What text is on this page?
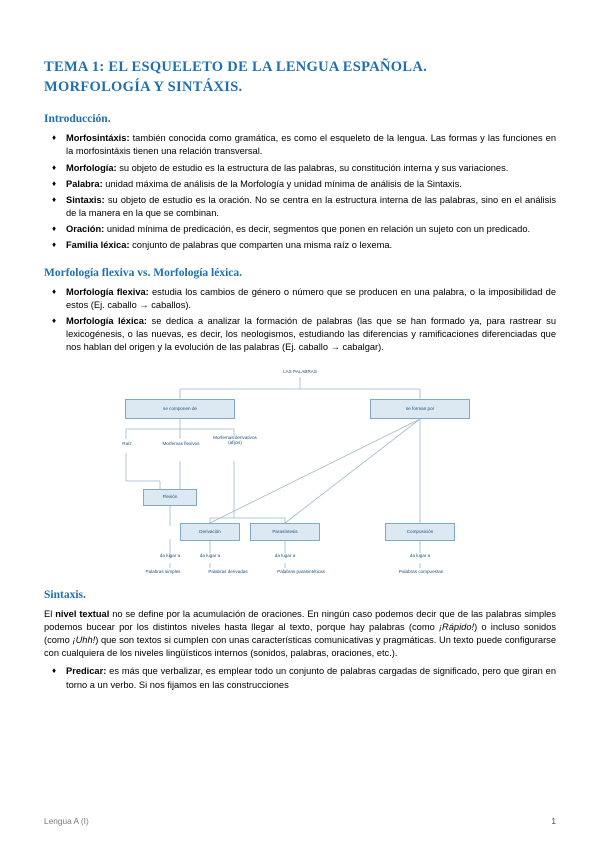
TEMA 1: EL ESQUELETO DE LA LENGUA ESPAÑOLA.
MORFOLOGÍA Y SINTÁXIS.
Introducción.
♦ Morfosintáxis: también conocida como gramática, es como el esqueleto de la lengua. Las formas y las funciones en la morfosintáxis tienen una relación transversal.
♦ Morfología: su objeto de estudio es la estructura de las palabras, su constitución interna y sus variaciones.
♦ Palabra: unidad máxima de análisis de la Morfología y unidad mínima de análisis de la Sintaxis.
♦ Sintaxis: su objeto de estudio es la oración. No se centra en la estructura interna de las palabras, sino en el análisis de la manera en la que se combinan.
♦ Oración: unidad mínima de predicación, es decir, segmentos que ponen en relación un sujeto con un predicado.
♦ Familia léxica: conjunto de palabras que comparten una misma raíz o lexema.
Morfología flexiva vs. Morfología léxica.
♦ Morfología flexiva: estudia los cambios de género o número que se producen en una palabra, o la imposibilidad de estos (Ej. caballo → caballos).
♦ Morfología léxica: se dedica a analizar la formación de palabras (las que se han formado ya, para rastrear su lexicogénesis, o las nuevas, es decir, los neologismos, estudiando las diferencias y ramificaciones diferenciadas que nos hablan del origen y la evolución de las palabras (Ej. caballo → cabalgar).
LAS PALABRAS
se componen de	se forman por
Raíz	Morfemas flexivos
Morfemas derivativos (afijos)
Flexión
Derivación	Parasíntesis	Composición
da lugar a	da lugar a	da lugar a	da lugar a
Palabras simples	Palabras derivadas	Palabras parasintéticas	Palabras compuestas
Sintaxis.

El nivel textual no se define por la acumulación de oraciones. En ningún caso podemos decir que de las palabras simples podemos bucear por los distintos niveles hasta llegar al texto, porque hay palabras (como ¡Rápido!) o incluso sonidos (como ¡Uhh!) que son textos si cumplen con unas características comunicativas y pragmáticas. Un texto puede configurarse con cualquiera de los niveles lingüísticos internos (sonidos, palabras, oraciones, etc.).

♦ Predicar: es más que verbalizar, es emplear todo un conjunto de palabras cargadas de significado, pero que giran en torno a un verbo. Si nos fijamos en las construcciones
Lengua A (I)	1
